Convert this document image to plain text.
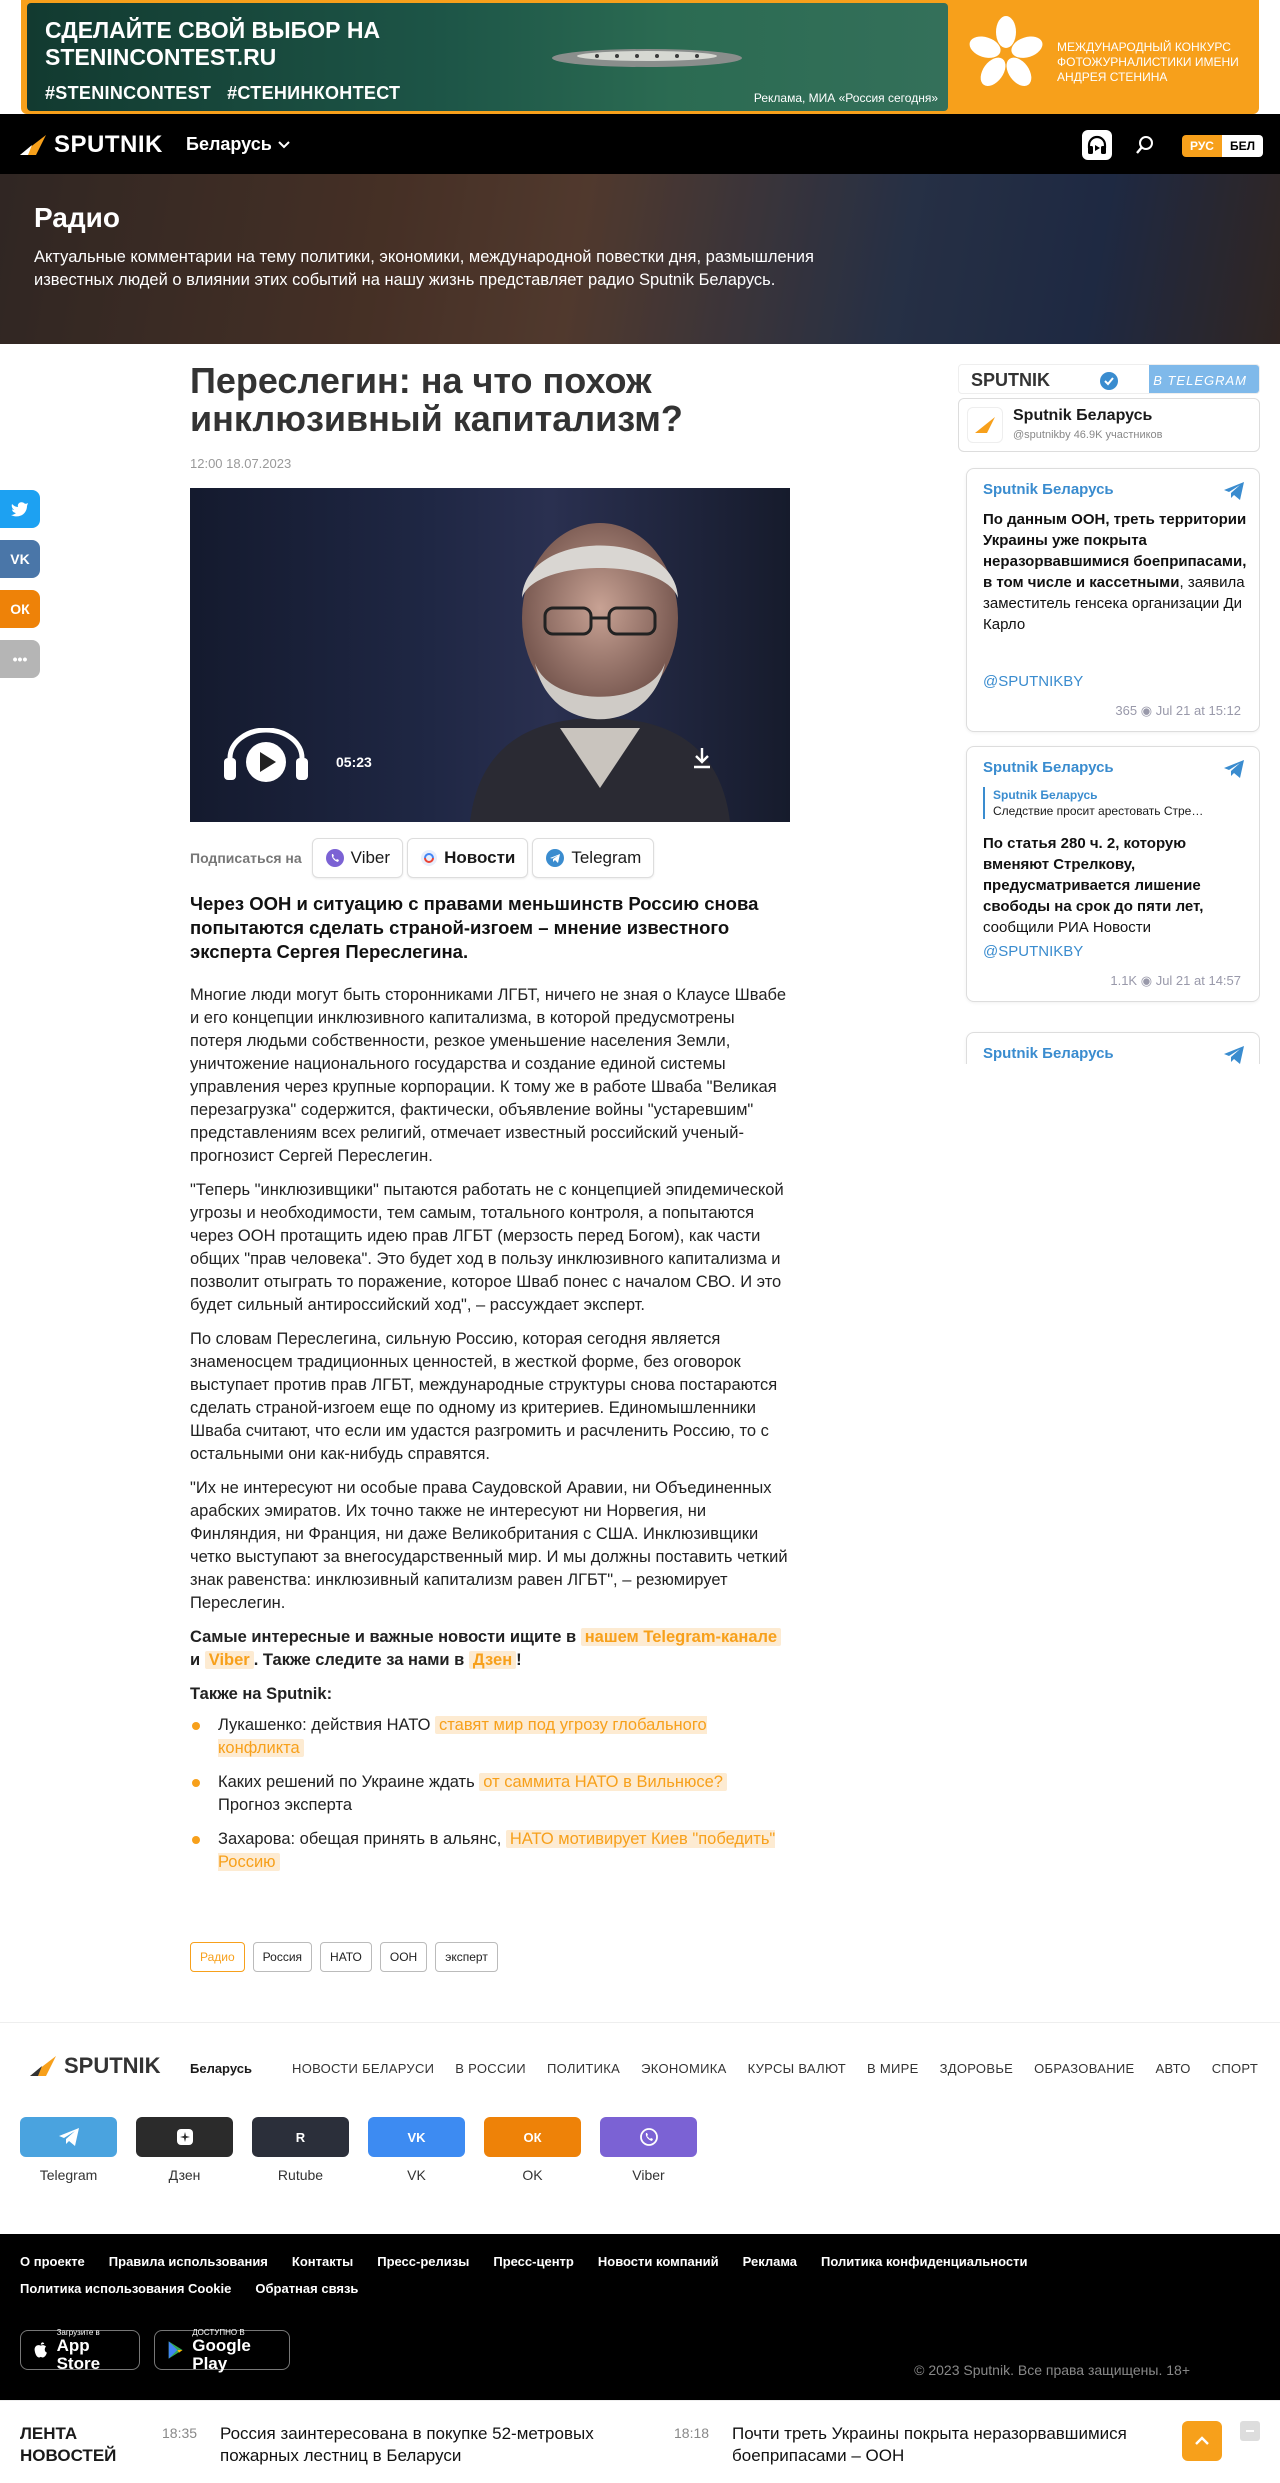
СДЕЛАЙТЕ СВОЙ ВЫБОР НА STENINCONTEST.RU
#STENINCONTEST   #СТЕНИНКОНТЕСТ	Реклама, МИА «Россия сегодня»
МЕЖДУНАРОДНЫЙ КОНКУРС ФОТОЖУРНАЛИСТИКИ ИМЕНИ АНДРЕЯ СТЕНИНА
SPUTNIK Беларусь	РУС	БЕЛ
Радио
Актуальные комментарии на тему политики, экономики, международной повестки дня, размышления известных людей о влиянии этих событий на нашу жизнь представляет радио Sputnik Беларусь.
VK
ОК
•••
Переслегин: на что похож инклюзивный капитализм?
12:00 18.07.2023
05:23
Подписаться на	Viber	Новости	Telegram
Через ООН и ситуацию с правами меньшинств Россию снова попытаются сделать страной-изгоем – мнение известного эксперта Сергея Переслегина.

Многие люди могут быть сторонниками ЛГБТ, ничего не зная о Клаусе Швабе и его концепции инклюзивного капитализма, в которой предусмотрены потеря людьми собственности, резкое уменьшение населения Земли, уничтожение национального государства и создание единой системы управления через крупные корпорации. К тому же в работе Шваба "Великая перезагрузка" содержится, фактически, объявление войны "устаревшим" представлениям всех религий, отмечает известный российский ученый-прогнозист Сергей Переслегин.

"Теперь "инклюзивщики" пытаются работать не с концепцией эпидемической угрозы и необходимости, тем самым, тотального контроля, а попытаются через ООН протащить идею прав ЛГБТ (мерзость перед Богом), как части общих "прав человека". Это будет ход в пользу инклюзивного капитализма и позволит отыграть то поражение, которое Шваб понес с началом СВО. И это будет сильный антироссийский ход", – рассуждает эксперт.

По словам Переслегина, сильную Россию, которая сегодня является знаменосцем традиционных ценностей, в жесткой форме, без оговорок выступает против прав ЛГБТ, международные структуры снова постараются сделать страной-изгоем еще по одному из критериев. Единомышленники Шваба считают, что если им удастся разгромить и расчленить Россию, то с остальными они как-нибудь справятся.

"Их не интересуют ни особые права Саудовской Аравии, ни Объединенных арабских эмиратов. Их точно также не интересуют ни Норвегия, ни Финляндия, ни Франция, ни даже Великобритания с США. Инклюзивщики четко выступают за внегосударственный мир. И мы должны поставить четкий знак равенства: инклюзивный капитализм равен ЛГБТ", – резюмирует Переслегин.

Самые интересные и важные новости ищите в нашем Telegram-канале и Viber . Также следите за нами в Дзен !

Также на Sputnik:
Лукашенко: действия НАТО ставят мир под угрозу глобального конфликта
Каких решений по Украине ждать от саммита НАТО в Вильнюсе? Прогноз эксперта
Захарова: обещая принять в альянс, НАТО мотивирует Киев "победить" Россию
Радио	Россия	НАТО	ООН	эксперт
SPUTNIK	В TELEGRAM
Sputnik Беларусь
@sputnikby 46.9K участников
Sputnik Беларусь
По данным ООН, треть территории Украины уже покрыта неразорвавшимися боеприпасами, в том числе и кассетными, заявила заместитель генсека организации Ди Карло
@SPUTNIKBY
365 ◉ Jul 21 at 15:12
Sputnik Беларусь
Sputnik Беларусь
Следствие просит арестовать Стре…
По статья 280 ч. 2, которую вменяют Стрелкову, предусматривается лишение свободы на срок до пяти лет, сообщили РИА Новости
@SPUTNIKBY
1.1K ◉ Jul 21 at 14:57
Sputnik Беларусь
SPUTNIK Беларусь	НОВОСТИ БЕЛАРУСИ В РОССИИ ПОЛИТИКА ЭКОНОМИКА КУРСЫ ВАЛЮТ В МИРЕ ЗДОРОВЬЕ ОБРАЗОВАНИЕ АВТО СПОРТ
Telegram	Дзен
R
Rutube
VK
VK
ОК
OK	Viber
О проекте Правила использования Контакты Пресс-релизы Пресс-центр Новости компаний Реклама Политика конфиденциальности
Политика использования Cookie Обратная связь
Загрузите в
App Store
ДОСТУПНО В
Google Play	© 2023 Sputnik. Все права защищены. 18+
ЛЕНТА НОВОСТЕЙ
18:35 Россия заинтересована в покупке 52-метровых пожарных лестниц в Беларуси
18:18 Почти треть Украины покрыта неразорвавшимися боеприпасами – ООН
